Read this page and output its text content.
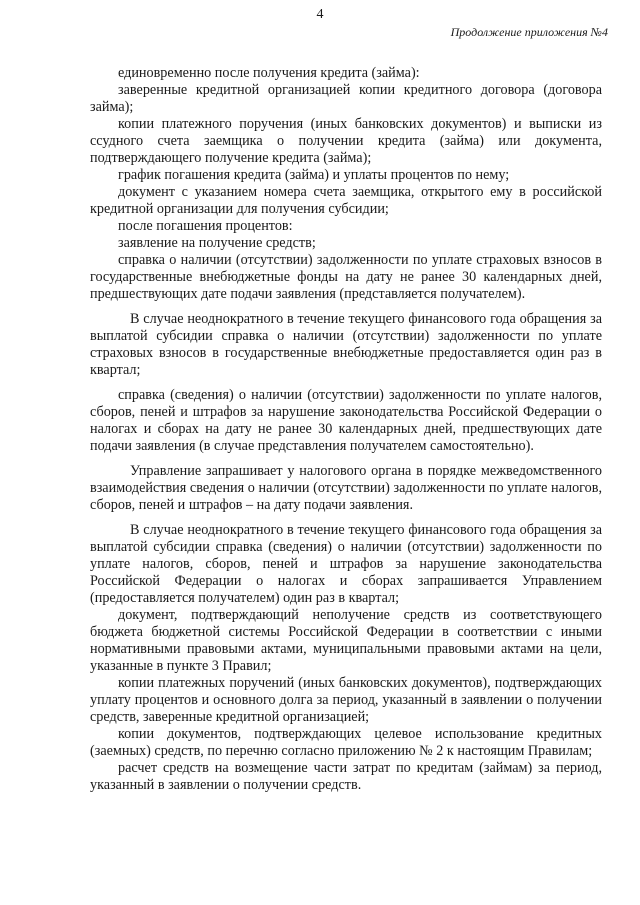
4
Продолжение приложения №4

единовременно после получения кредита (займа):

заверенные кредитной организацией копии кредитного договора (договора займа);

копии платежного поручения (иных банковских документов) и выписки из ссудного счета заемщика о получении кредита (займа) или документа, подтверждающего получение кредита (займа);

график погашения кредита (займа) и уплаты процентов по нему;

документ с указанием номера счета заемщика, открытого ему в российской кредитной организации для получения субсидии;

после погашения процентов:

заявление на получение средств;

справка о наличии (отсутствии) задолженности по уплате страховых взносов в государственные внебюджетные фонды на дату не ранее 30 календарных дней, предшествующих дате подачи заявления (представляется получателем).

В случае неоднократного в течение текущего финансового года обращения за выплатой субсидии справка о наличии (отсутствии) задолженности по уплате страховых взносов в государственные внебюджетные предоставляется один раз в квартал;

справка (сведения) о наличии (отсутствии) задолженности по уплате налогов, сборов, пеней и штрафов за нарушение законодательства Российской Федерации о налогах и сборах на дату не ранее 30 календарных дней, предшествующих дате подачи заявления (в случае представления получателем самостоятельно).

Управление запрашивает у налогового органа в порядке межведомственного взаимодействия сведения о наличии (отсутствии) задолженности по уплате налогов, сборов, пеней и штрафов – на дату подачи заявления.

В случае неоднократного в течение текущего финансового года обращения за выплатой субсидии справка (сведения) о наличии (отсутствии) задолженности по уплате налогов, сборов, пеней и штрафов за нарушение законодательства Российской Федерации о налогах и сборах запрашивается Управлением (предоставляется получателем) один раз в квартал;

документ, подтверждающий неполучение средств из соответствующего бюджета бюджетной системы Российской Федерации в соответствии с иными нормативными правовыми актами, муниципальными правовыми актами на цели, указанные в пункте 3 Правил;

копии платежных поручений (иных банковских документов), подтверждающих уплату процентов и основного долга за период, указанный в заявлении о получении средств, заверенные кредитной организацией;

копии документов, подтверждающих целевое использование кредитных (заемных) средств, по перечню согласно приложению № 2 к настоящим Правилам;

расчет средств на возмещение части затрат по кредитам (займам) за период, указанный в заявлении о получении средств.
